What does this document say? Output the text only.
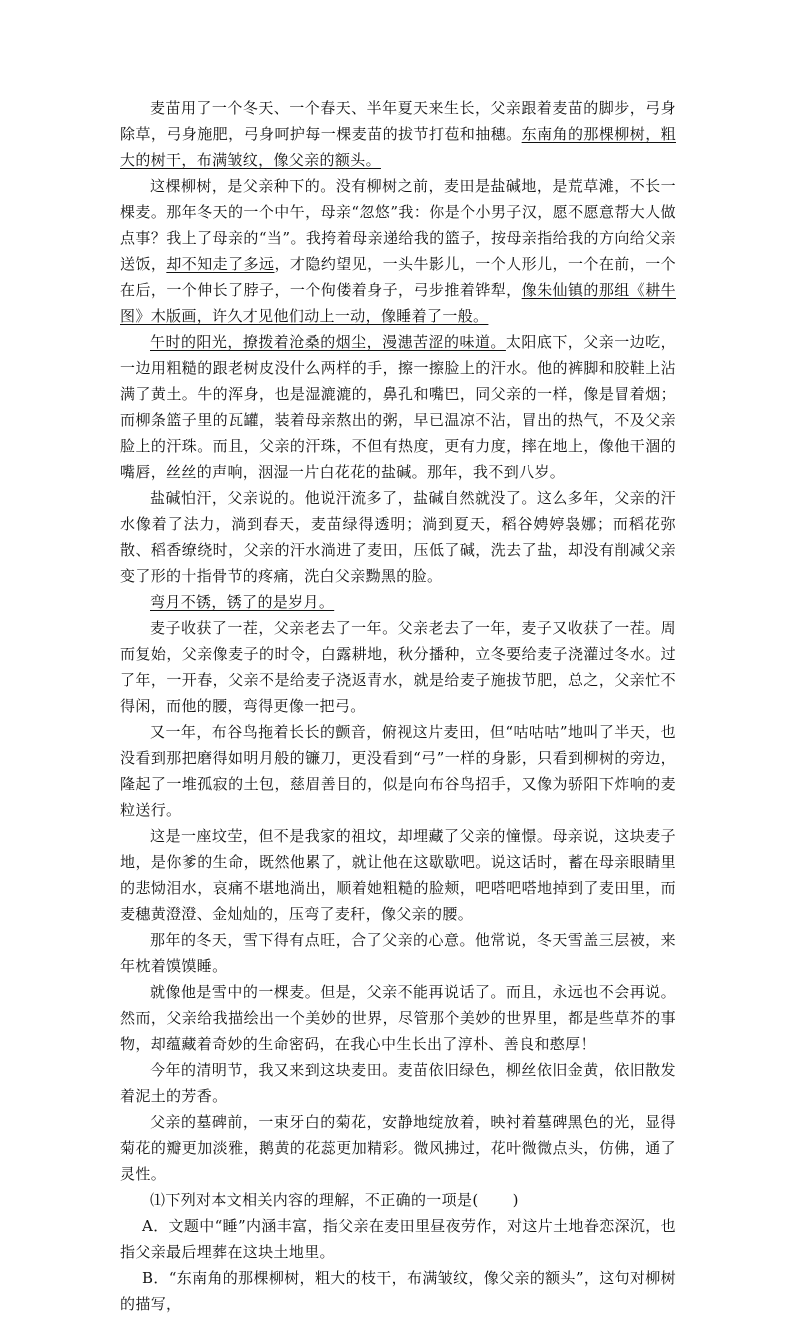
麦苗用了一个冬天、一个春天、半年夏天来生长，父亲跟着麦苗的脚步，弓身除草，弓身施肥，弓身呵护每一棵麦苗的拔节打苞和抽穗。东南角的那棵柳树，粗大的树干，布满皱纹，像父亲的额头。

这棵柳树，是父亲种下的。没有柳树之前，麦田是盐碱地，是荒草滩，不长一棵麦。那年冬天的一个中午，母亲“忽悠”我：你是个小男子汉，愿不愿意帮大人做点事？我上了母亲的“当”。我挎着母亲递给我的篮子，按母亲指给我的方向给父亲送饭，却不知走了多远，才隐约望见，一头牛影儿，一个人形儿，一个在前，一个在后，一个伸长了脖子，一个佝偻着身子，弓步推着铧犁，像朱仙镇的那组《耕牛图》木版画，许久才见他们动上一动，像睡着了一般。

午时的阳光，撩拨着沧桑的烟尘，漫漶苦涩的味道。太阳底下，父亲一边吃，一边用粗糙的跟老树皮没什么两样的手，擦一擦脸上的汗水。他的裤脚和胶鞋上沾满了黄土。牛的浑身，也是湿漉漉的，鼻孔和嘴巴，同父亲的一样，像是冒着烟；而柳条篮子里的瓦罐，装着母亲熬出的粥，早已温凉不沾，冒出的热气，不及父亲脸上的汗珠。而且，父亲的汗珠，不但有热度，更有力度，摔在地上，像他干涸的嘴唇，丝丝的声响，洇湿一片白花花的盐碱。那年，我不到八岁。

盐碱怕汗，父亲说的。他说汗流多了，盐碱自然就没了。这么多年，父亲的汗水像着了法力，淌到春天，麦苗绿得透明；淌到夏天，稻谷娉婷袅娜；而稻花弥散、稻香缭绕时，父亲的汗水淌进了麦田，压低了碱，洗去了盐，却没有削减父亲变了形的十指骨节的疼痛，洗白父亲黝黑的脸。

弯月不锈，锈了的是岁月。

麦子收获了一茬，父亲老去了一年。父亲老去了一年，麦子又收获了一茬。周而复始，父亲像麦子的时令，白露耕地，秋分播种，立冬要给麦子浇灌过冬水。过了年，一开春，父亲不是给麦子浇返青水，就是给麦子施拔节肥，总之，父亲忙不得闲，而他的腰，弯得更像一把弓。

又一年，布谷鸟拖着长长的颤音，俯视这片麦田，但“咕咕咕”地叫了半天，也没看到那把磨得如明月般的镰刀，更没看到“弓”一样的身影，只看到柳树的旁边，隆起了一堆孤寂的土包，慈眉善目的，似是向布谷鸟招手，又像为骄阳下炸响的麦粒送行。

这是一座坟茔，但不是我家的祖坟，却埋藏了父亲的憧憬。母亲说，这块麦子地，是你爹的生命，既然他累了，就让他在这歇歇吧。说这话时，蓄在母亲眼睛里的悲恸泪水，哀痛不堪地淌出，顺着她粗糙的脸颊，吧嗒吧嗒地掉到了麦田里，而麦穗黄澄澄、金灿灿的，压弯了麦秆，像父亲的腰。

那年的冬天，雪下得有点旺，合了父亲的心意。他常说，冬天雪盖三层被，来年枕着馍馍睡。

就像他是雪中的一棵麦。但是，父亲不能再说话了。而且，永远也不会再说。然而，父亲给我描绘出一个美妙的世界，尽管那个美妙的世界里，都是些草芥的事物，却蕴藏着奇妙的生命密码，在我心中生长出了淳朴、善良和憨厚！

今年的清明节，我又来到这块麦田。麦苗依旧绿色，柳丝依旧金黄，依旧散发着泥土的芳香。

父亲的墓碑前，一束牙白的菊花，安静地绽放着，映衬着墓碑黑色的光，显得菊花的瓣更加淡雅，鹅黄的花蕊更加精彩。微风拂过，花叶微微点头，仿佛，通了灵性。

⑴下列对本文相关内容的理解，不正确的一项是( )

A．文题中“睡”内涵丰富，指父亲在麦田里昼夜劳作，对这片土地眷恋深沉，也指父亲最后埋葬在这块土地里。

B．“东南角的那棵柳树，粗大的枝干，布满皱纹，像父亲的额头”，这句对柳树的描写，
